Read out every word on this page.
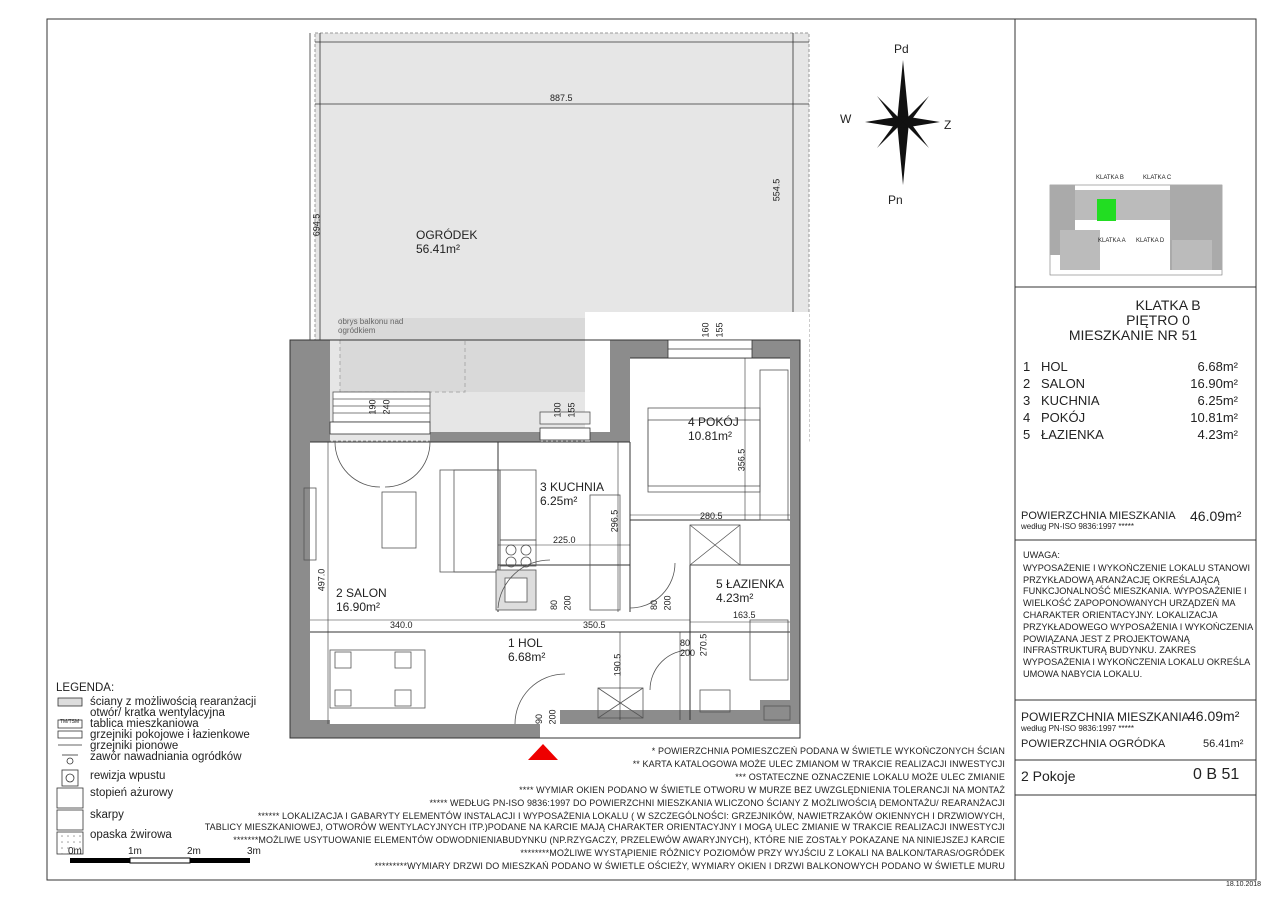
OGRÓDEK
56.41m²
obrys balkonu nad
ogródkiem
4 POKÓJ
10.81m²
3 KUCHNIA
6.25m²
2 SALON
16.90m²
5 ŁAZIENKA
4.23m²
1 HOL
6.68m²
887.5
694.5
554.5
497.0
340.0	350.5
225.0
296.5	280.5
356.5
163.5
270.5
190.5
190 240	100 155
160 155
80 200	80 200
80
200
90 200
Pd
Pn
W	Z
KLATKA B	KLATKA C
KLATKA A KLATKA D
KLATKA B
PIĘTRO 0
MIESZKANIE NR 51
1 HOL	6.68m²
2 SALON	16.90m²
3 KUCHNIA	6.25m²
4 POKÓJ	10.81m²
5 ŁAZIENKA	4.23m²
POWIERZCHNIA MIESZKANIA
według PN-ISO 9836:1997 *****
46.09m²
UWAGA:
WYPOSAŻENIE I WYKOŃCZENIE LOKALU STANOWI PRZYKŁADOWĄ ARANŻACJĘ OKREŚLAJĄCĄ FUNKCJONALNOŚĆ MIESZKANIA. WYPOSAŻENIE I WIELKOŚĆ ZAPOPONOWANYCH URZĄDZEŃ MA CHARAKTER ORIENTACYJNY. LOKALIZACJA PRZYKŁADOWEGO WYPOSAŻENIA I WYKOŃCZENIA POWIĄZANA JEST Z PROJEKTOWANĄ INFRASTRUKTURĄ BUDYNKU. ZAKRES WYPOSAŻENIA I WYKOŃCZENIA LOKALU OKREŚLA UMOWA NABYCIA LOKALU.
POWIERZCHNIA MIESZKANIA
według PN-ISO 9836:1997 *****
46.09m²
POWIERZCHNIA OGRÓDKA	56.41m²
2 Pokoje	0 B 51
18.10.2018
LEGENDA:
ściany z możliwością rearanżacji
otwór/ kratka wentylacyjna
tablica mieszkaniowa
grzejniki pokojowe i łazienkowe
grzejniki pionowe
zawór nawadniania ogródków
rewizja wpustu
stopień ażurowy
skarpy
opaska żwirowa
TM/TSM
0m	1m	2m	3m
* POWIERZCHNIA POMIESZCZEŃ PODANA W ŚWIETLE WYKOŃCZONYCH ŚCIAN
** KARTA KATALOGOWA MOŻE ULEC ZMIANOM W TRAKCIE REALIZACJI INWESTYCJI
*** OSTATECZNE OZNACZENIE LOKALU MOŻE ULEC ZMIANIE
**** WYMIAR OKIEN PODANO W ŚWIETLE OTWORU W MURZE BEZ UWZGLĘDNIENIA TOLERANCJI NA MONTAŻ
***** WEDŁUG PN-ISO 9836:1997 DO POWIERZCHNI MIESZKANIA WLICZONO ŚCIANY Z MOŻLIWOŚCIĄ DEMONTAŻU/ REARANŻACJI
****** LOKALIZACJA I GABARYTY ELEMENTÓW INSTALACJI I WYPOSAŻENIA LOKALU ( W SZCZEGÓLNOŚCI: GRZEJNIKÓW, NAWIETRZAKÓW OKIENNYCH I DRZWIOWYCH,
TABLICY MIESZKANIOWEJ, OTWORÓW WENTYLACYJNYCH ITP.)PODANE NA KARCIE MAJĄ CHARAKTER ORIENTACYJNY I MOGĄ ULEC ZMIANIE W TRAKCIE REALIZACJI INWESTYCJI
*******MOŻLIWE USYTUOWANIE ELEMENTÓW ODWODNIENIABUDYNKU (NP.RZYGACZY, PRZELEWÓW AWARYJNYCH), KTÓRE NIE ZOSTAŁY POKAZANE NA NINIEJSZEJ KARCIE
********MOŻLIWE WYSTĄPIENIE RÓŻNICY POZIOMÓW PRZY WYJŚCIU Z LOKALI NA BALKON/TARAS/OGRÓDEK
*********WYMIARY DRZWI DO MIESZKAŃ PODANO W ŚWIETLE OŚCIEŻY, WYMIARY OKIEN I DRZWI BALKONOWYCH PODANO W ŚWIETLE MURU
